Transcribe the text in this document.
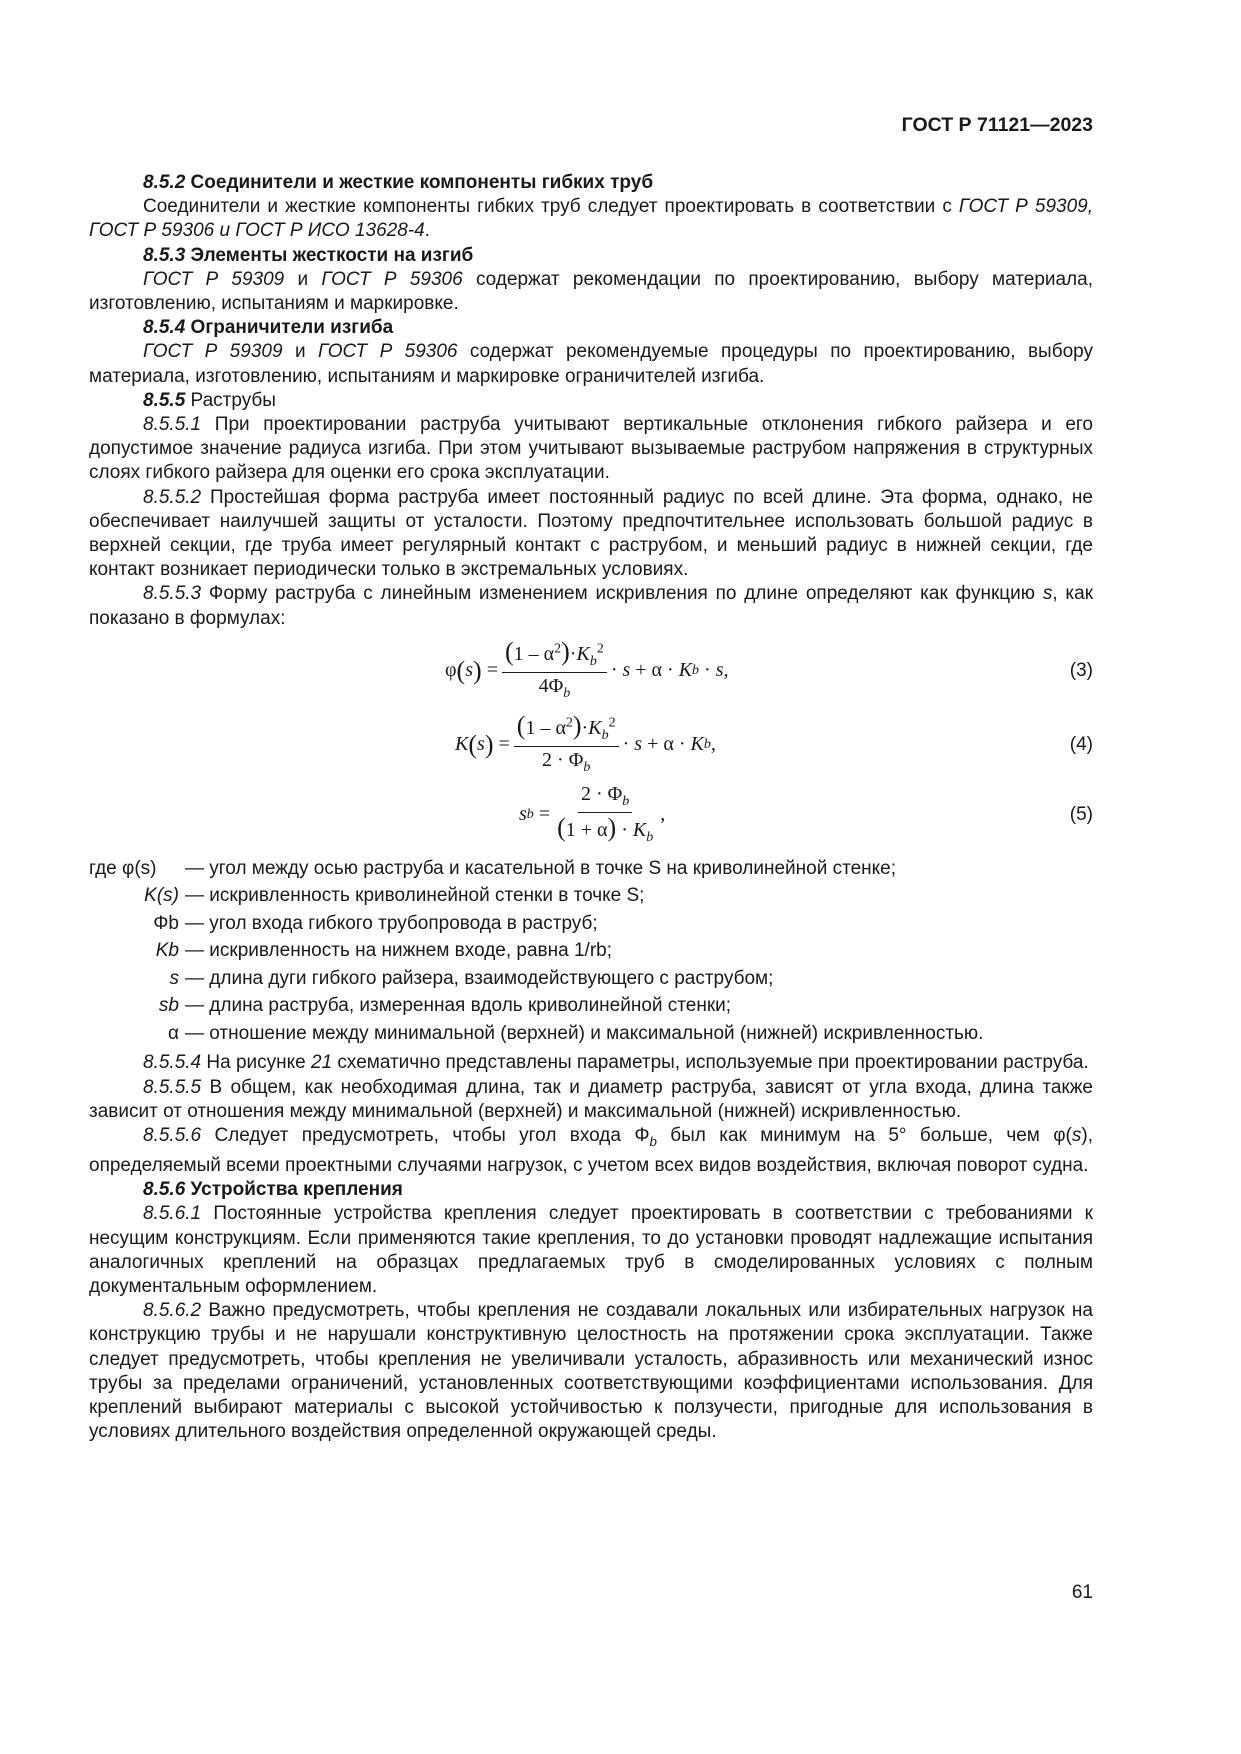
ГОСТ Р 71121—2023

8.5.2 Соединители и жесткие компоненты гибких труб

Соединители и жесткие компоненты гибких труб следует проектировать в соответствии с ГОСТ Р 59309, ГОСТ Р 59306 и ГОСТ Р ИСО 13628-4.

8.5.3 Элементы жесткости на изгиб

ГОСТ Р 59309 и ГОСТ Р 59306 содержат рекомендации по проектированию, выбору материала, изготовлению, испытаниям и маркировке.

8.5.4 Ограничители изгиба

ГОСТ Р 59309 и ГОСТ Р 59306 содержат рекомендуемые процедуры по проектированию, выбору материала, изготовлению, испытаниям и маркировке ограничителей изгиба.

8.5.5 Раструбы

8.5.5.1 При проектировании раструба учитывают вертикальные отклонения гибкого райзера и его допустимое значение радиуса изгиба. При этом учитывают вызываемые раструбом напряжения в структурных слоях гибкого райзера для оценки его срока эксплуатации.

8.5.5.2 Простейшая форма раструба имеет постоянный радиус по всей длине. Эта форма, однако, не обеспечивает наилучшей защиты от усталости. Поэтому предпочтительнее использовать большой радиус в верхней секции, где труба имеет регулярный контакт с раструбом, и меньший радиус в нижней секции, где контакт возникает периодически только в экстремальных условиях.

8.5.5.3 Форму раструба с линейным изменением искривления по длине определяют как функцию s, как показано в формулах:

φ ( s ) = $\frac{(1 - \alpha^2)\cdot K_b^2}{4\Phi_b} \cdot s + \alpha \cdot K$ b · s ,	(3)
K ( s ) = $\frac{(1 - \alpha^2)\cdot K_b^2}{2 \cdot \Phi_b} \cdot s + \alpha \cdot K$ b ,	(4)
s $b = \frac{2 \cdot \Phi_b}{(1 + \alpha) \cdot K_b}$ ,	(5)
где φ(s)	— угол между осью раструба и касательной в точке S на криволинейной стенке;
K(s) — искривленность криволинейной стенки в точке S;
Φb — угол входа гибкого трубопровода в раструб;
Kb — искривленность на нижнем входе, равна 1/rb;
s — длина дуги гибкого райзера, взаимодействующего с раструбом;
sb — длина раструба, измеренная вдоль криволинейной стенки;
α — отношение между минимальной (верхней) и максимальной (нижней) искривленностью.

8.5.5.4 На рисунке 21 схематично представлены параметры, используемые при проектировании раструба.

8.5.5.5 В общем, как необходимая длина, так и диаметр раструба, зависят от угла входа, длина также зависит от отношения между минимальной (верхней) и максимальной (нижней) искривленностью.

8.5.5.6 Следует предусмотреть, чтобы угол входа $\Phi_b$ был как минимум на 5° больше, чем φ(s), определяемый всеми проектными случаями нагрузок, с учетом всех видов воздействия, включая поворот судна.

8.5.6 Устройства крепления

8.5.6.1 Постоянные устройства крепления следует проектировать в соответствии с требованиями к несущим конструкциям. Если применяются такие крепления, то до установки проводят надлежащие испытания аналогичных креплений на образцах предлагаемых труб в смоделированных условиях с полным документальным оформлением.

8.5.6.2 Важно предусмотреть, чтобы крепления не создавали локальных или избирательных нагрузок на конструкцию трубы и не нарушали конструктивную целостность на протяжении срока эксплуатации. Также следует предусмотреть, чтобы крепления не увеличивали усталость, абразивность или механический износ трубы за пределами ограничений, установленных соответствующими коэффициентами использования. Для креплений выбирают материалы с высокой устойчивостью к ползучести, пригодные для использования в условиях длительного воздействия определенной окружающей среды.

61
